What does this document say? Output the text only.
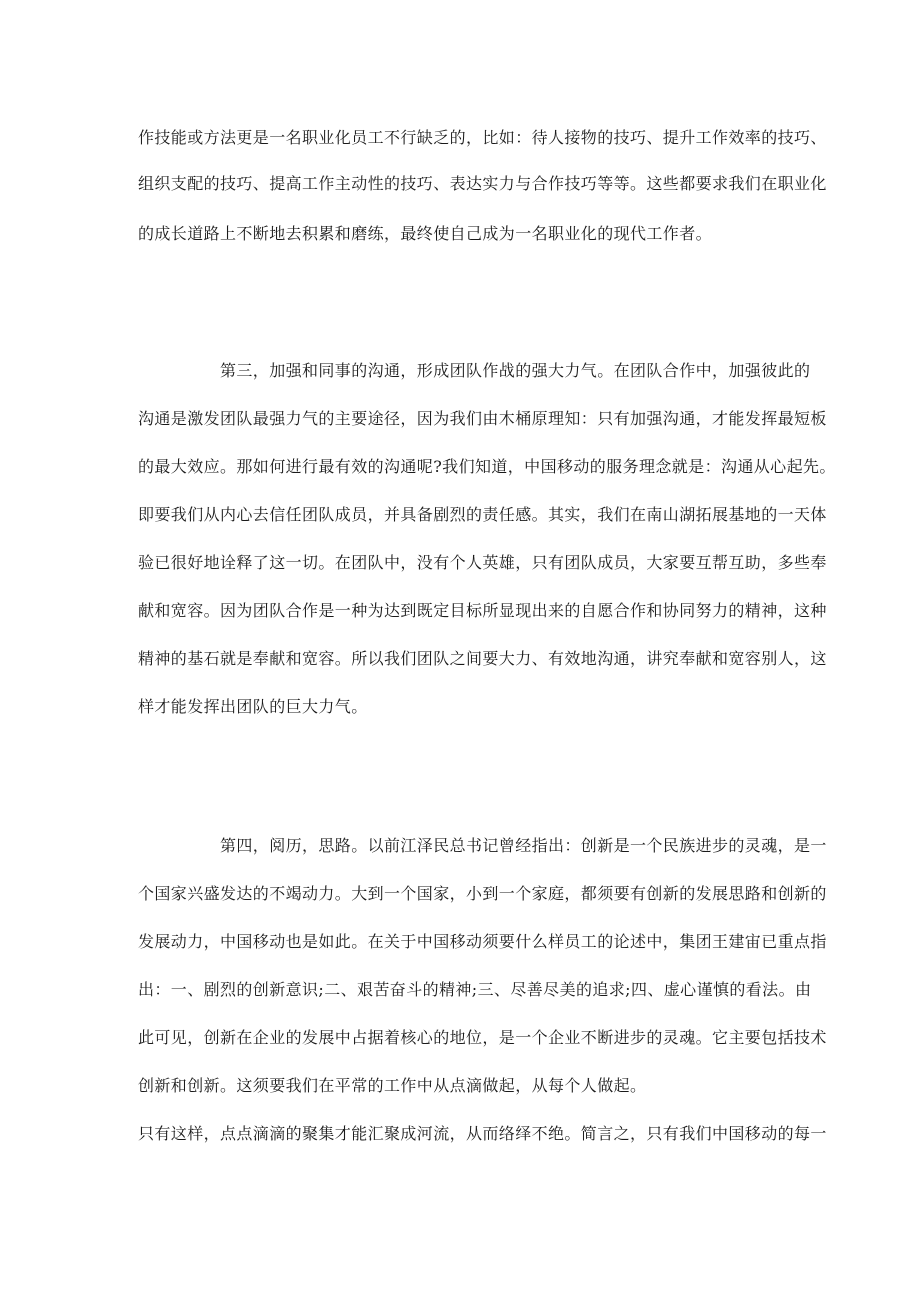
作技能或方法更是一名职业化员工不行缺乏的，比如：待人接物的技巧、提升工作效率的技巧、
组织支配的技巧、提高工作主动性的技巧、表达实力与合作技巧等等。这些都要求我们在职业化
的成长道路上不断地去积累和磨练，最终使自己成为一名职业化的现代工作者。
第三，加强和同事的沟通，形成团队作战的强大力气。在团队合作中，加强彼此的
沟通是激发团队最强力气的主要途径，因为我们由木桶原理知：只有加强沟通，才能发挥最短板
的最大效应。那如何进行最有效的沟通呢?我们知道，中国移动的服务理念就是：沟通从心起先。
即要我们从内心去信任团队成员，并具备剧烈的责任感。其实，我们在南山湖拓展基地的一天体
验已很好地诠释了这一切。在团队中，没有个人英雄，只有团队成员，大家要互帮互助，多些奉
献和宽容。因为团队合作是一种为达到既定目标所显现出来的自愿合作和协同努力的精神，这种
精神的基石就是奉献和宽容。所以我们团队之间要大力、有效地沟通，讲究奉献和宽容别人，这
样才能发挥出团队的巨大力气。
第四，阅历，思路。以前江泽民总书记曾经指出：创新是一个民族进步的灵魂，是一
个国家兴盛发达的不竭动力。大到一个国家，小到一个家庭，都须要有创新的发展思路和创新的
发展动力，中国移动也是如此。在关于中国移动须要什么样员工的论述中，集团王建宙已重点指
出：一、剧烈的创新意识;二、艰苦奋斗的精神;三、尽善尽美的追求;四、虚心谨慎的看法。由
此可见，创新在企业的发展中占据着核心的地位，是一个企业不断进步的灵魂。它主要包括技术
创新和创新。这须要我们在平常的工作中从点滴做起，从每个人做起。
只有这样，点点滴滴的聚集才能汇聚成河流，从而络绎不绝。简言之，只有我们中国移动的每一
